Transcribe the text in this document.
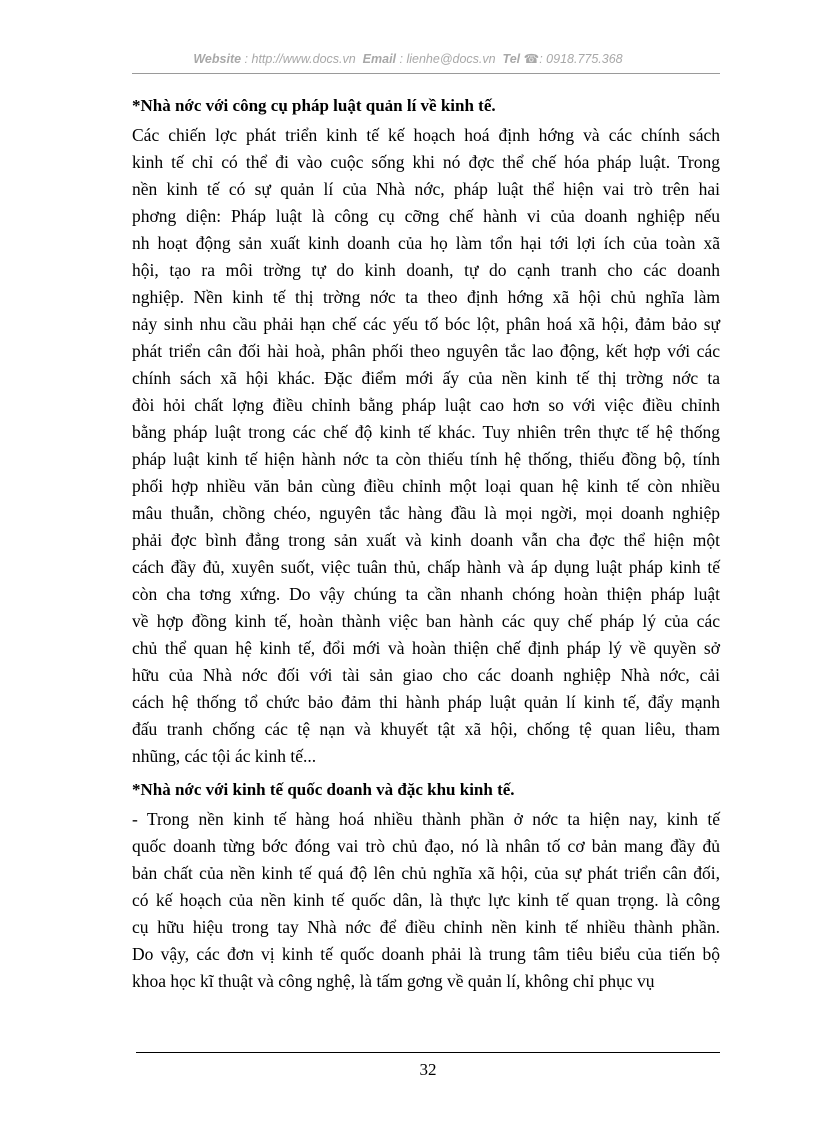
Website : http://www.docs.vn Email : lienhe@docs.vn Tel ☎: 0918.775.368
*Nhà nớc với công cụ pháp luật quản lí về kinh tế.
Các chiến lợc phát triển kinh tế kế hoạch hoá định hớng và các chính sách
kinh tế chỉ có thể đi vào cuộc sống khi nó đợc thể chế hóa pháp luật. Trong
nền kinh tế có sự quản lí của Nhà nớc, pháp luật thể hiện vai trò trên hai
phơng diện: Pháp luật là công cụ cỡng chế hành vi của doanh nghiệp nếu
nh hoạt động sản xuất kinh doanh của họ làm tổn hại tới lợi ích của toàn xã
hội, tạo ra môi trờng tự do kinh doanh, tự do cạnh tranh cho các doanh
nghiệp. Nền kinh tế thị trờng nớc ta theo định hớng xã hội chủ nghĩa làm
nảy sinh nhu cầu phải hạn chế các yếu tố bóc lột, phân hoá xã hội, đảm bảo sự
phát triển cân đối hài hoà, phân phối theo nguyên tắc lao động, kết hợp với các
chính sách xã hội khác. Đặc điểm mới ấy của nền kinh tế thị trờng nớc ta
đòi hỏi chất lợng điều chỉnh bằng pháp luật cao hơn so với việc điều chỉnh
bằng pháp luật trong các chế độ kinh tế khác. Tuy nhiên trên thực tế hệ thống
pháp luật kinh tế hiện hành nớc ta còn thiếu tính hệ thống, thiếu đồng bộ, tính
phối hợp nhiều văn bản cùng điều chỉnh một loại quan hệ kinh tế còn nhiều
mâu thuẫn, chồng chéo, nguyên tắc hàng đầu là mọi ngời, mọi doanh nghiệp
phải đợc bình đẳng trong sản xuất và kinh doanh vẫn cha đợc thể hiện một
cách đầy đủ, xuyên suốt, việc tuân thủ, chấp hành và áp dụng luật pháp kinh tế
còn cha tơng xứng. Do vậy chúng ta cần nhanh chóng hoàn thiện pháp luật
về hợp đồng kinh tế, hoàn thành việc ban hành các quy chế pháp lý của các
chủ thể quan hệ kinh tế, đổi mới và hoàn thiện chế định pháp lý về quyền sở
hữu của Nhà nớc đối với tài sản giao cho các doanh nghiệp Nhà nớc, cải
cách hệ thống tổ chức bảo đảm thi hành pháp luật quản lí kinh tế, đẩy mạnh
đấu tranh chống các tệ nạn và khuyết tật xã hội, chống tệ quan liêu, tham
nhũng, các tội ác kinh tế...
*Nhà nớc với kinh tế quốc doanh và đặc khu kinh tế.
- Trong nền kinh tế hàng hoá nhiều thành phần ở nớc ta hiện nay, kinh tế
quốc doanh từng bớc đóng vai trò chủ đạo, nó là nhân tố cơ bản mang đầy đủ
bản chất của nền kinh tế quá độ lên chủ nghĩa xã hội, của sự phát triển cân đối,
có kế hoạch của nền kinh tế quốc dân, là thực lực kinh tế quan trọng. là công
cụ hữu hiệu trong tay Nhà nớc để điều chỉnh nền kinh tế nhiều thành phần.
Do vậy, các đơn vị kinh tế quốc doanh phải là trung tâm tiêu biểu của tiến bộ
khoa học kĩ thuật và công nghệ, là tấm gơng về quản lí, không chỉ phục vụ
32
